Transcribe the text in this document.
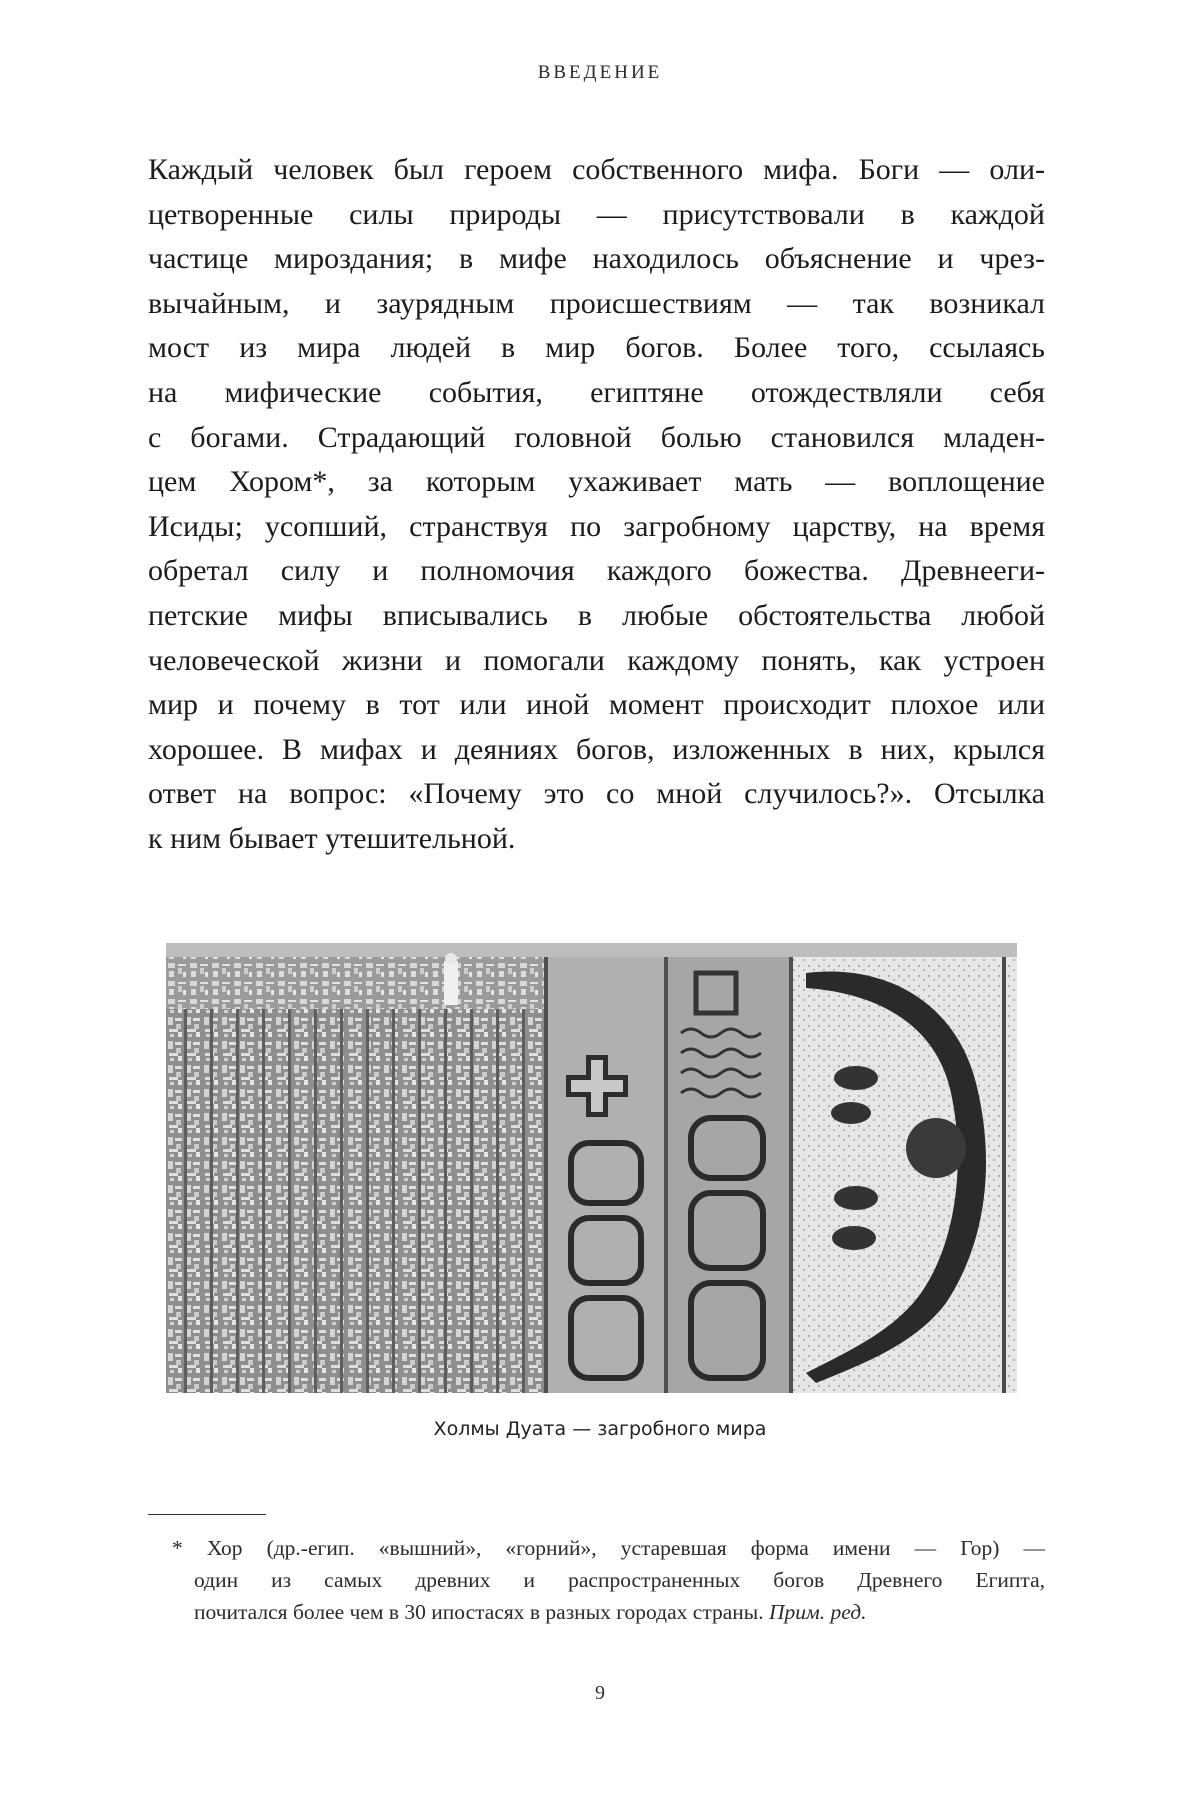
ВВЕДЕНИЕ
Каждый человек был героем собственного мифа. Боги — оли-
цетворенные силы природы — присутствовали в каждой
частице мироздания; в мифе находилось объяснение и чрез-
вычайным, и заурядным происшествиям — так возникал
мост из мира людей в мир богов. Более того, ссылаясь
на мифические события, египтяне отождествляли себя
с богами. Страдающий головной болью становился младен-
цем Хором*, за которым ухаживает мать — воплощение
Исиды; усопший, странствуя по загробному царству, на время
обретал силу и полномочия каждого божества. Древнееги-
петские мифы вписывались в любые обстоятельства любой
человеческой жизни и помогали каждому понять, как устроен
мир и почему в тот или иной момент происходит плохое или
хорошее. В мифах и деяниях богов, изложенных в них, крылся
ответ на вопрос: «Почему это со мной случилось?». Отсылка
к ним бывает утешительной.
Холмы Дуата — загробного мира
* Хор (др.-егип. «вышний», «горний», устаревшая форма имени — Гор) —
один из самых древних и распространенных богов Древнего Египта,
почитался более чем в 30 ипостасях в разных городах страны. Прим. ред.
9
